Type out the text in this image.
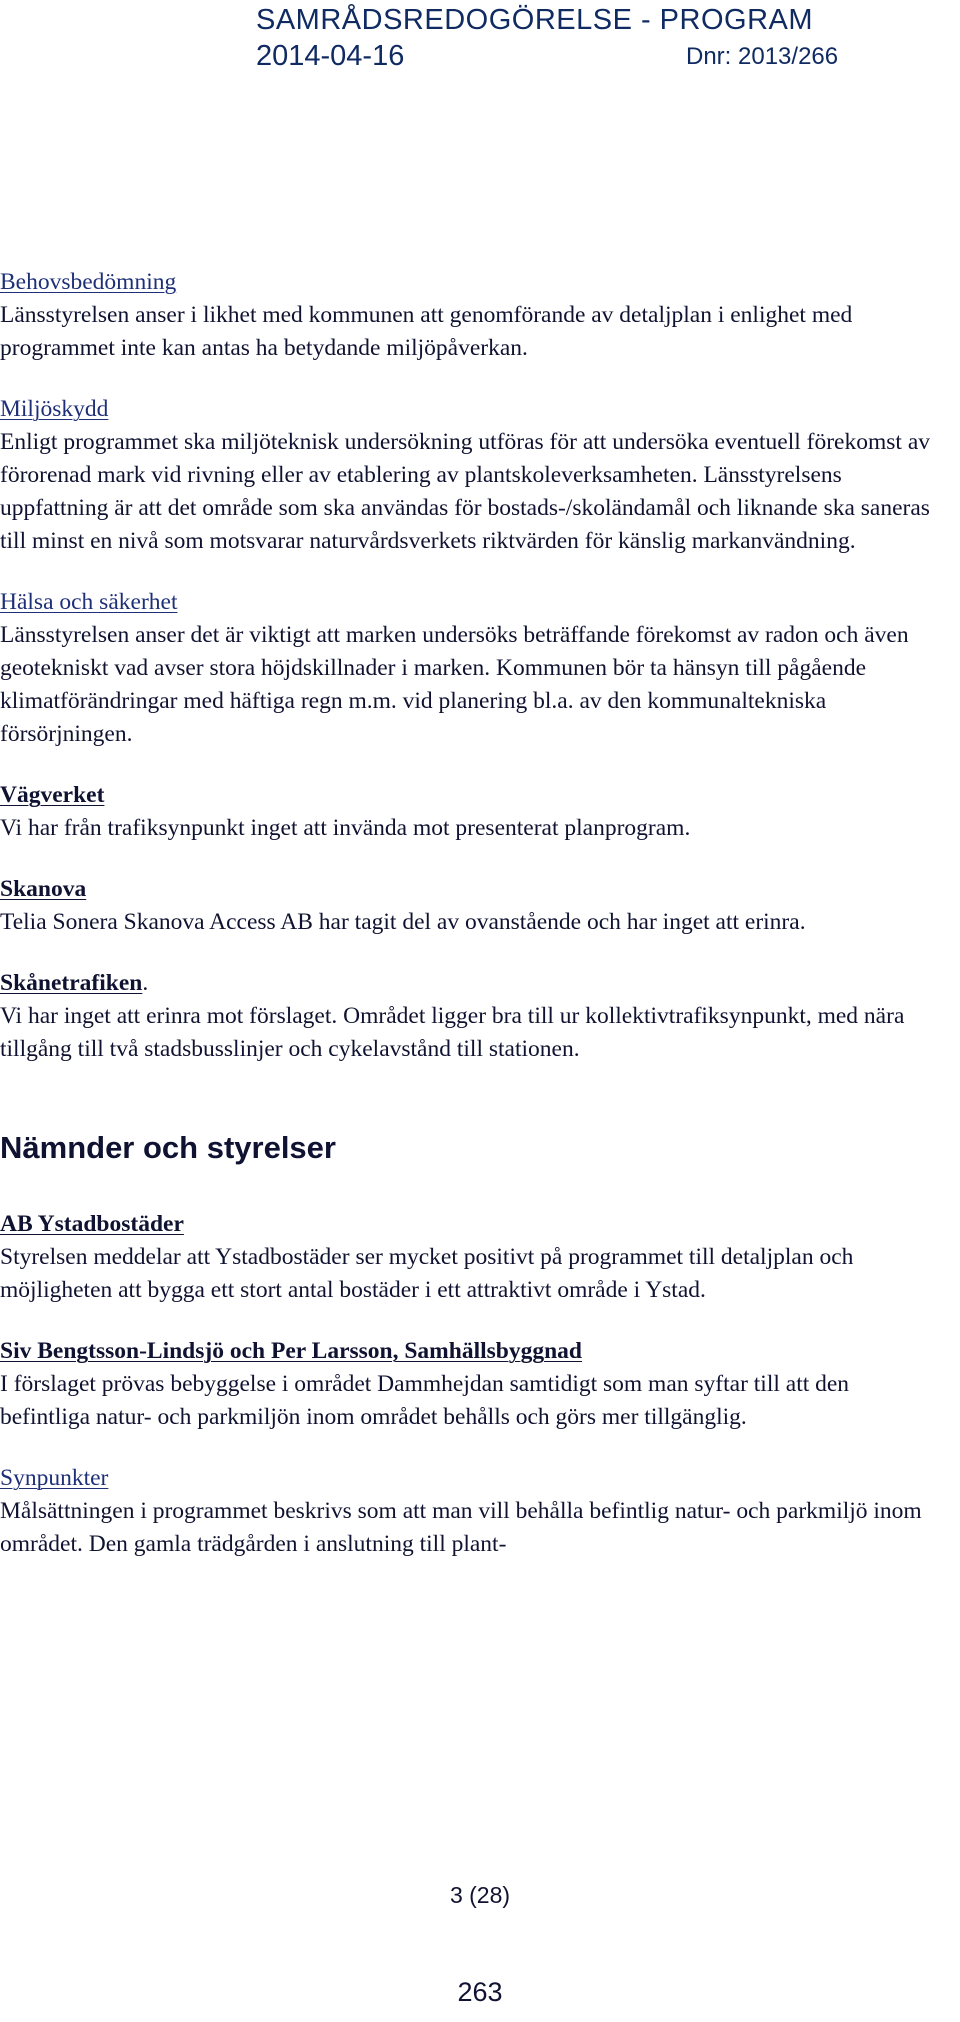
SAMRÅDSREDOGÖRELSE - PROGRAM
2014-04-16	Dnr: 2013/266

Behovsbedömning

Länsstyrelsen anser i likhet med kommunen att genomförande av detaljplan i enlighet med programmet inte kan antas ha betydande miljöpåverkan.

Miljöskydd

Enligt programmet ska miljöteknisk undersökning utföras för att undersöka eventuell förekomst av förorenad mark vid rivning eller av etablering av plantskoleverksamheten. Länsstyrelsens uppfattning är att det område som ska användas för bostads-/skoländamål och liknande ska saneras till minst en nivå som motsvarar naturvårdsverkets riktvärden för känslig markanvändning.

Hälsa och säkerhet

Länsstyrelsen anser det är viktigt att marken undersöks beträffande förekomst av radon och även geotekniskt vad avser stora höjdskillnader i marken. Kommunen bör ta hänsyn till pågående klimatförändringar med häftiga regn m.m. vid planering bl.a. av den kommunaltekniska försörjningen.

Vägverket

Vi har från trafiksynpunkt inget att invända mot presenterat planprogram.

Skanova

Telia Sonera Skanova Access AB har tagit del av ovanstående och har inget att erinra.

Skånetrafiken.

Vi har inget att erinra mot förslaget. Området ligger bra till ur kollektivtrafiksynpunkt, med nära tillgång till två stadsbusslinjer och cykelavstånd till stationen.

Nämnder och styrelser

AB Ystadbostäder

Styrelsen meddelar att Ystadbostäder ser mycket positivt på programmet till detaljplan och möjligheten att bygga ett stort antal bostäder i ett attraktivt område i Ystad.

Siv Bengtsson-Lindsjö och Per Larsson, Samhällsbyggnad

I förslaget prövas bebyggelse i området Dammhejdan samtidigt som man syftar till att den befintliga natur- och parkmiljön inom området behålls och görs mer tillgänglig.

Synpunkter

Målsättningen i programmet beskrivs som att man vill behålla befintlig natur- och parkmiljö inom området. Den gamla trädgården i anslutning till plant-

3 (28)
263
